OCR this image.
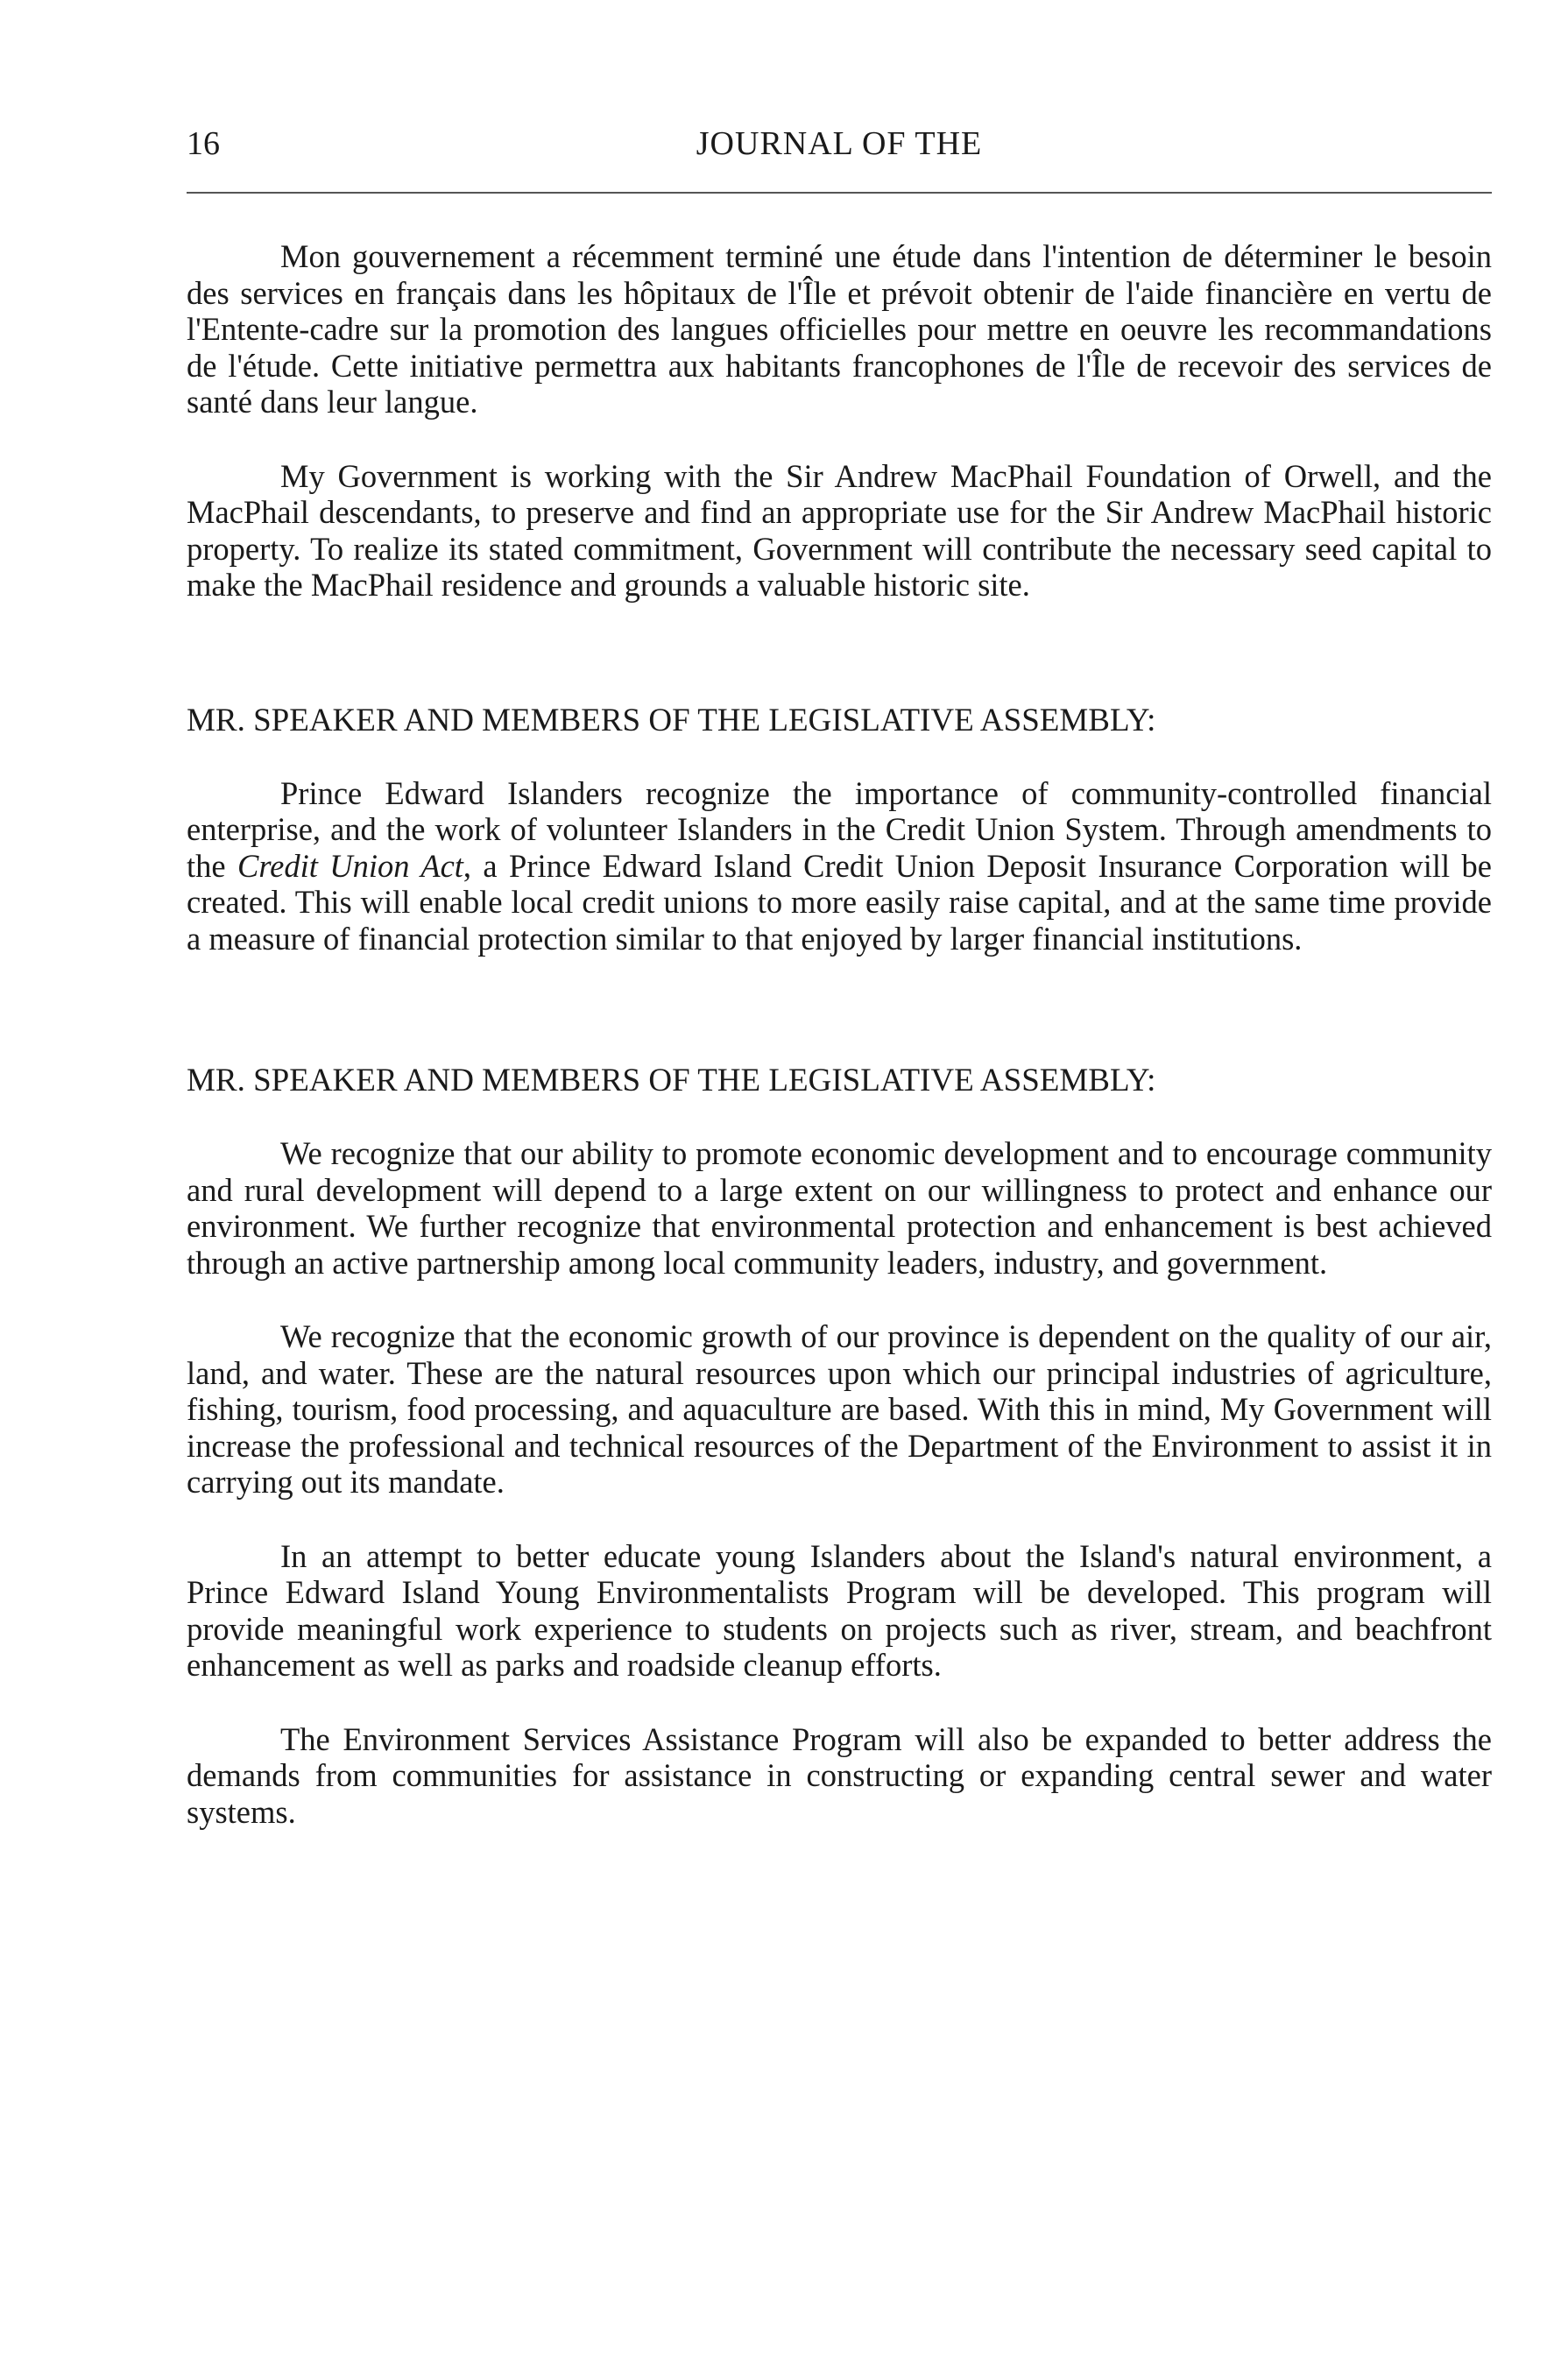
16	JOURNAL OF THE

Mon gouvernement a récemment terminé une étude dans l'intention de déterminer le besoin des services en français dans les hôpitaux de l'Île et prévoit obtenir de l'aide financière en vertu de l'Entente-cadre sur la promotion des langues officielles pour mettre en oeuvre les recommandations de l'étude. Cette initiative permettra aux habitants francophones de l'Île de recevoir des services de santé dans leur langue.

My Government is working with the Sir Andrew MacPhail Foundation of Orwell, and the MacPhail descendants, to preserve and find an appropriate use for the Sir Andrew MacPhail historic property. To realize its stated commitment, Government will contribute the necessary seed capital to make the MacPhail residence and grounds a valuable historic site.

MR. SPEAKER AND MEMBERS OF THE LEGISLATIVE ASSEMBLY:

Prince Edward Islanders recognize the importance of community-controlled financial enterprise, and the work of volunteer Islanders in the Credit Union System. Through amendments to the Credit Union Act, a Prince Edward Island Credit Union Deposit Insurance Corporation will be created. This will enable local credit unions to more easily raise capital, and at the same time provide a measure of financial protection similar to that enjoyed by larger financial institutions.

MR. SPEAKER AND MEMBERS OF THE LEGISLATIVE ASSEMBLY:

We recognize that our ability to promote economic development and to encourage community and rural development will depend to a large extent on our willingness to protect and enhance our environment. We further recognize that environmental protection and enhancement is best achieved through an active partnership among local community leaders, industry, and government.

We recognize that the economic growth of our province is dependent on the quality of our air, land, and water. These are the natural resources upon which our principal industries of agriculture, fishing, tourism, food processing, and aquaculture are based. With this in mind, My Government will increase the professional and technical resources of the Department of the Environment to assist it in carrying out its mandate.

In an attempt to better educate young Islanders about the Island's natural environment, a Prince Edward Island Young Environmentalists Program will be developed. This program will provide meaningful work experience to students on projects such as river, stream, and beachfront enhancement as well as parks and roadside cleanup efforts.

The Environment Services Assistance Program will also be expanded to better address the demands from communities for assistance in constructing or expanding central sewer and water systems.
